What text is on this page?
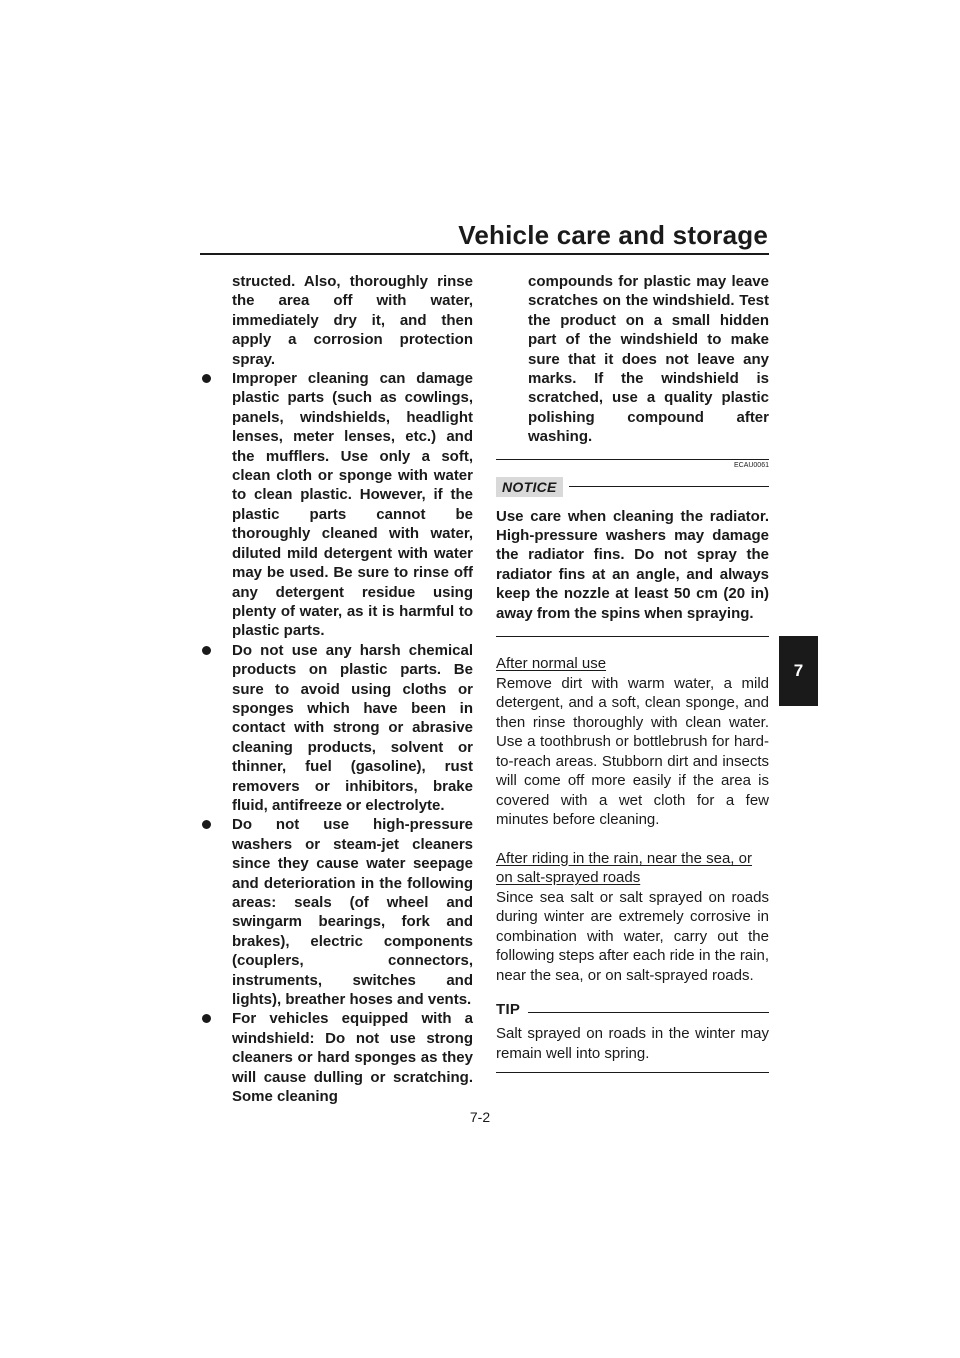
Vehicle care and storage
7

structed. Also, thoroughly rinse the area off with water, immediately dry it, and then apply a corrosion protection spray.

Improper cleaning can damage plastic parts (such as cowlings, panels, windshields, headlight lenses, meter lenses, etc.) and the mufflers. Use only a soft, clean cloth or sponge with water to clean plastic. However, if the plastic parts cannot be thoroughly cleaned with water, diluted mild detergent with water may be used. Be sure to rinse off any detergent residue using plenty of water, as it is harmful to plastic parts.
Do not use any harsh chemical products on plastic parts. Be sure to avoid using cloths or sponges which have been in contact with strong or abrasive cleaning products, solvent or thinner, fuel (gasoline), rust removers or inhibitors, brake fluid, antifreeze or electrolyte.
Do not use high-pressure washers or steam-jet cleaners since they cause water seepage and deterioration in the following areas: seals (of wheel and swingarm bearings, fork and brakes), electric components (couplers, connectors, instruments, switches and lights), breather hoses and vents.
For vehicles equipped with a windshield: Do not use strong cleaners or hard sponges as they will cause dulling or scratching. Some cleaning

compounds for plastic may leave scratches on the windshield. Test the product on a small hidden part of the windshield to make sure that it does not leave any marks. If the windshield is scratched, use a quality plastic polishing compound after washing.

ECAU0061
NOTICE

Use care when cleaning the radiator. High-pressure washers may damage the radiator fins. Do not spray the radiator fins at an angle, and always keep the nozzle at least 50 cm (20 in) away from the spins when spraying.

After normal use

Remove dirt with warm water, a mild detergent, and a soft, clean sponge, and then rinse thoroughly with clean water. Use a toothbrush or bottlebrush for hard-to-reach areas. Stubborn dirt and insects will come off more easily if the area is covered with a wet cloth for a few minutes before cleaning.

After riding in the rain, near the sea, or on salt-sprayed roads

Since sea salt or salt sprayed on roads during winter are extremely corrosive in combination with water, carry out the following steps after each ride in the rain, near the sea, or on salt-sprayed roads.

TIP

Salt sprayed on roads in the winter may remain well into spring.

7-2
